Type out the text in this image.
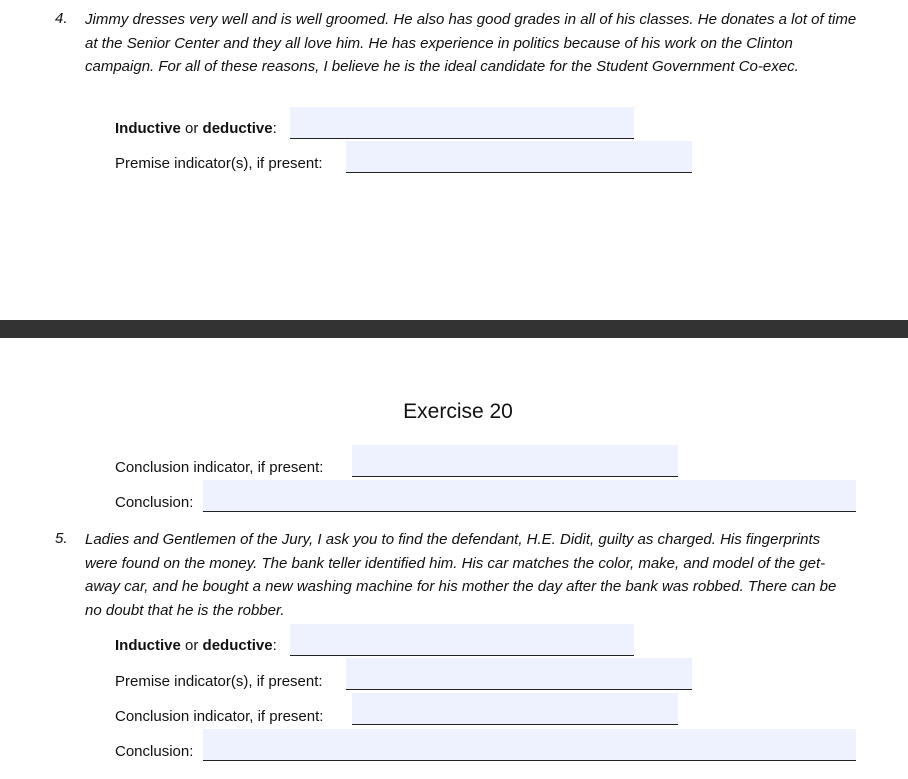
4. Jimmy dresses very well and is well groomed. He also has good grades in all of his classes. He donates a lot of time at the Senior Center and they all love him. He has experience in politics because of his work on the Clinton campaign. For all of these reasons, I believe he is the ideal candidate for the Student Government Co-exec.
Inductive or deductive:
Premise indicator(s), if present:
Exercise 20
Conclusion indicator, if present:
Conclusion:
5. Ladies and Gentlemen of the Jury, I ask you to find the defendant, H.E. Didit, guilty as charged. His fingerprints were found on the money. The bank teller identified him. His car matches the color, make, and model of the get-away car, and he bought a new washing machine for his mother the day after the bank was robbed. There can be no doubt that he is the robber.
Inductive or deductive:
Premise indicator(s), if present:
Conclusion indicator, if present:
Conclusion:
